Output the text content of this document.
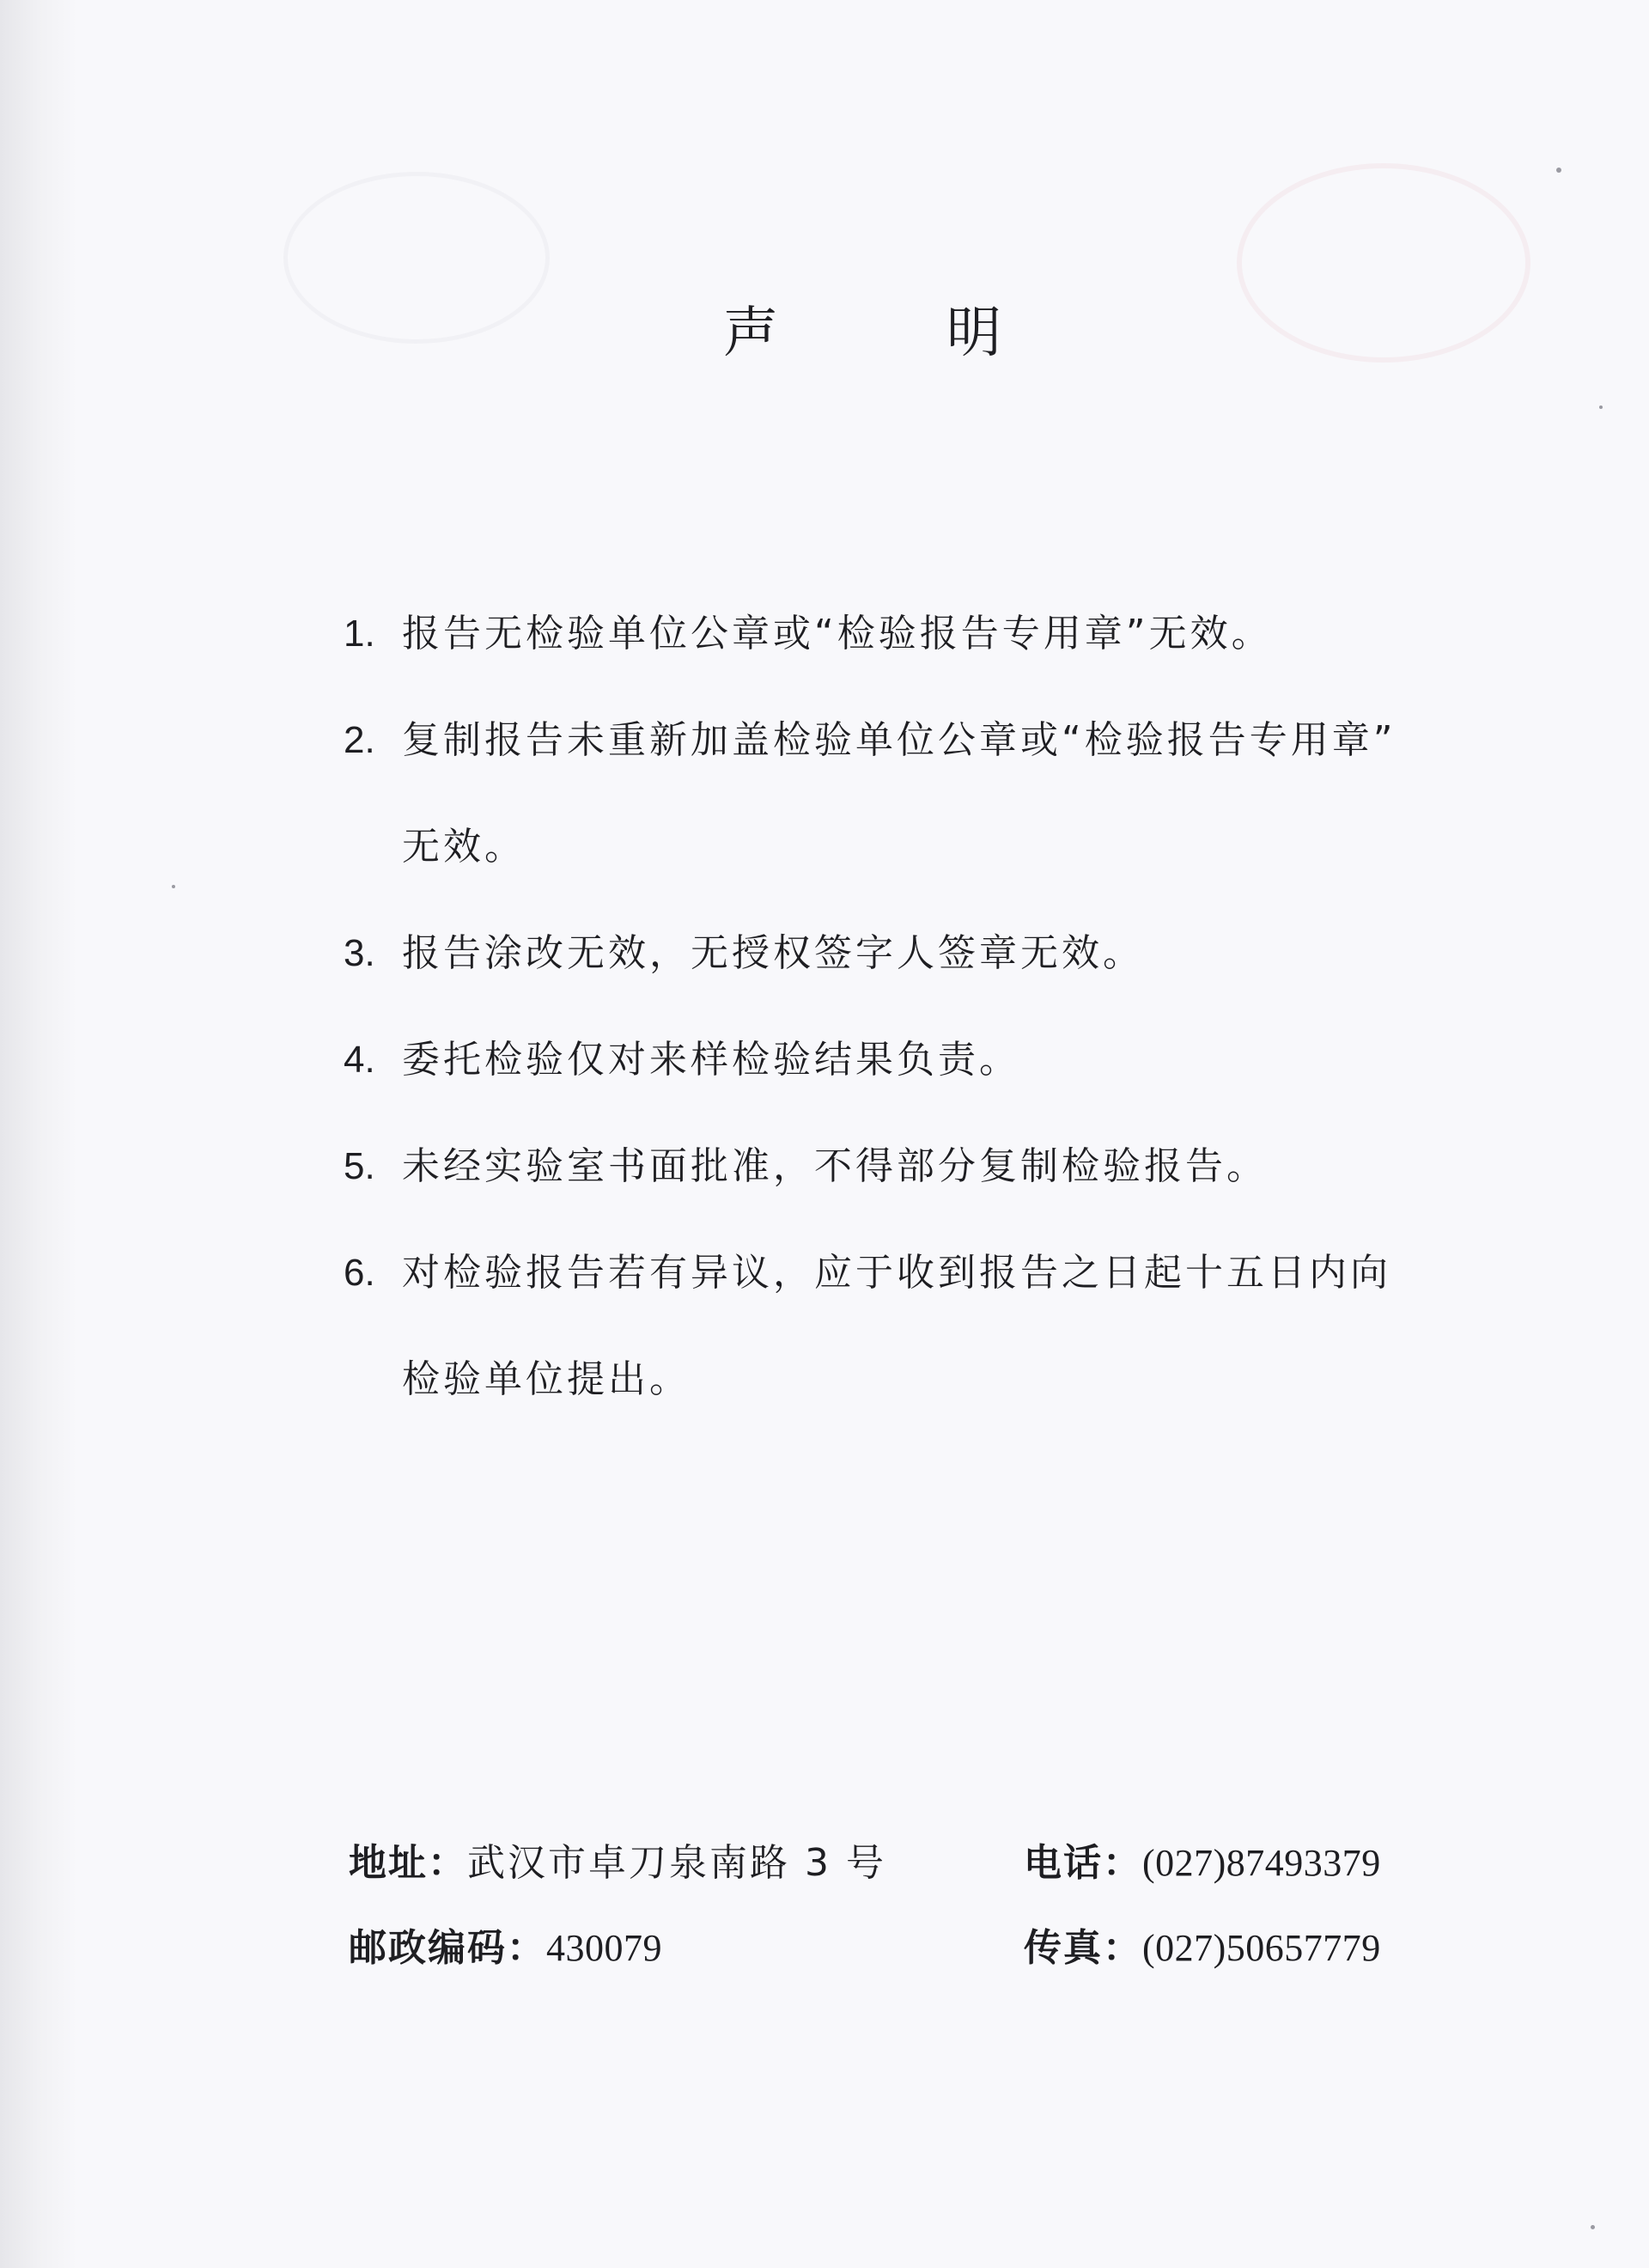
声明
1. 报告无检验单位公章或“检验报告专用章”无效。
2. 复制报告未重新加盖检验单位公章或“检验报告专用章”
无效。
3. 报告涂改无效，无授权签字人签章无效。
4. 委托检验仅对来样检验结果负责。
5. 未经实验室书面批准，不得部分复制检验报告。
6. 对检验报告若有异议，应于收到报告之日起十五日内向
检验单位提出。
地址：武汉市卓刀泉南路 3 号
邮政编码：430079
电话：(027)87493379
传真：(027)50657779
